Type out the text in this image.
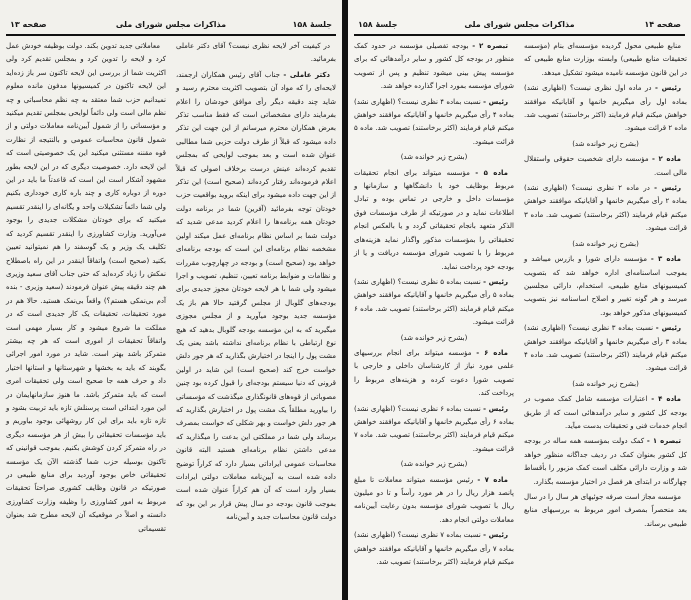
جلسهٔ ۱۵۸
مذاکرات مجلس شورای ملی
صفحه ۱۳

در کیفیت آخر لایحه نظری نیست؟ آقای دکتر عاملی بفرمائید.

دکتر عاملی - جناب آقای رئیس همکاران ارجمند، لایحه‌ای را که مواد آن بتصویب اکثریت محترم رسید و شاید چند دقیقه دیگر رأی موافق خودشان را اعلام بفرمایند دارای مشخصاتی است که فقط مناسب تذکر بعرض همکاران محترم میرسانم از این جهت این تذکر داده میشود که قبلاً از طرف دولت حزبی شما مطالبی عنوان شده است و بعد بموجب لوایحی که بمجلس تقدیم کرده‌اند عینش درست برخلاف اصولی که قبلاً اعلام فرموده‌اند رفتار کرده‌اند (صحیح است) این تذکر از این جهت داده میشود برای اینکه بروید بواقعیت حزب خودتان توجه بفرمائید (آفرین) شما در برنامه دولت خودتان همه برنامه‌ها را اعلام کردید مدعی شدید که دولت شما بر اساس نظام برنامه‌ای عمل میکند اولین مشخصه نظام برنامه‌ای این است که بودجه برنامه‌ای خواهد بود (صحیح است) و بودجه در چهارچوب مقررات و نظامات و ضوابط برنامه تعیین، تنظیم، تصویب و اجرا میشود ولی شما با هر لایحه خودتان مجوز جدیدی برای بودجه‌های گلوبال از مجلس گرفتید حالا هم باز یک مؤسسه جدید بوجود میآورید و از مجلس مجوزی میگیرید که به این مؤسسه بودجه گلوبال بدهید که هیچ نوع ارتباطی با نظام برنامه‌ای نداشته باشد یعنی یک مشت پول را اینجا در اختیارش بگذارید که هر جور دلش خواست خرج کند (صحیح است) این شاید در اولین قرونی که دنیا سیستم بودجه‌ای را قبول کرده بود چنین مصوباتی از قوه‌های قانونگذاری میگذشت که مؤسساتی را بیاورید مطلقاً یک مشت پول در اختیارش بگذارید که هر جور دلش خواست و بهر شکلی که خواست بمصرف برساند ولی شما در مملکتی این بدعت را میگذارید که مدعی داشتن نظام برنامه‌ای هستید البته قانون محاسبات عمومی ایراداتی بسیار دارد که کراراً توضیح داده شده است به آیین‌نامه معاملات دولتی ایرادات بسیار وارد است که آن هم کراراً عنوان شده است بموجب قانون بودجه دو سال پیش قرار بر این بود که دولت قانون محاسبات جدید و آیین‌نامه

معاملاتی جدید تدوین بکند. دولت بوظیفه خودش عمل کرد و لایحه را تدوین کرد و بمجلس تقدیم کرد ولی اکثریت شما از بررسی این لایحه تاکنون سر باز زده‌اید این لایحه تاکنون در کمیسیونها مدفون مانده معلوم نمیدانیم حزب شما معتقد به چه نظم محاسباتی و چه نظم مالی است ولی دائماً لوایحی بمجلس تقدیم میکنید و مؤسساتی را از شمول آیین‌نامه معاملات دولتی و از شمول قانون محاسبات عمومی و بالنتیجه از نظارت قوه مقننه مستثنی میکنید این یک خصوصیتی است که این لایحه دارد. خصوصیت دیگری که در این لایحه بطور مشهود آشکار است این است که قاعدتاً ما باید در این دوره از دوباره کاری و چند باره کاری خودداری بکنیم ولی شما دائماً تشکیلات واحد و یگانه‌ای را اینقدر تقسیم میکنید که برای خودتان مشکلات جدیدی را بوجود می‌آورید. وزارت کشاورزی را اینقدر تقسیم کردید که تکلیف یک وزیر و یک گوسفند را هم نمیتوانید تعیین بکنید (صحیح است) واتفاقاً اینقدر در این راه باصطلاح نمکش را زیاد کرده‌اید که حتی جناب آقای سعید وزیری هم چند دقیقه پیش عنوان فرمودند (سعید وزیری - بنده آدم بی‌نمکی هستم؟) واقعاً بی‌نمک هستید. حالا هم در مورد تحقیقات، تحقیقات یک کار جدیدی است که در مملکت ما شروع میشود و کار بسیار مهمی است واتفاقاً تحقیقات از اموری است که هر چه بیشتر متمرکز باشد بهتر است. شاید در مورد امور اجرائی بگویند که باید به بخشها و شهرستانها و استانها اختیار داد و حرف همه جا صحیح است ولی تحقیقات امری است که باید متمرکز باشد. ما هنوز سازمانهایمان در این مورد ابتدائی است پرسنلش تازه باید تربیت بشود و تازه تازه باید برای این کار روشهائی بوجود بیاوریم و باید مؤسسات تحقیقاتی را بیش از هر مؤسسه دیگری در راه متمرکز کردن کوشش بکنیم. بموجب قوانینی که تاکنون بوسیله حزب شما گذشته الآن یک مؤسسه تحقیقاتی خاص بوجود آوردید برای منابع طبیعی در صورتیکه در قانون وظایف کشوری صراحتاً تحقیقات مربوط به امور کشاورزی را وظیفه وزارت کشاورزی دانسته و اصلاً در موقعیکه آن لایحه مطرح شد بعنوان تقسیماتی

صفحه ۱۴
مذاکرات مجلس شورای ملی
جلسهٔ ۱۵۸

منابع طبیعی محول گردیده مؤسسه‌ای بنام (مؤسسه تحقیقات منابع طبیعی) وابسته بوزارت منابع طبیعی که در این قانون مؤسسه نامیده میشود تشکیل میدهد.

رئیس - در ماده اول نظری نیست؟ (اظهاری نشد) بماده اول رأی میگیریم خانمها و آقایانیکه موافقند خواهش میکنم قیام فرمایند (اکثر برخاستند) تصویب شد. ماده ۲ قرائت میشود.

(بشرح زیر خوانده شد)

ماده ۲ - مؤسسه دارای شخصیت حقوقی واستقلال مالی است.

رئیس - در ماده ۲ نظری نیست؟ (اظهاری نشد) بماده ۲ رأی میگیریم خانمها و آقایانیکه موافقند خواهش میکنم قیام فرمایند (اکثر برخاستند) تصویب شد. ماده ۳ قرائت میشود.

(بشرح زیر خوانده شد)

ماده ۳ - مؤسسه دارای شورا و بازرس میباشد و بموجب اساسنامه‌ای اداره خواهد شد که بتصویب کمیسیونهای منابع طبیعی، استخدام، دارائی مجلسین میرسد و هر گونه تغییر و اصلاح اساسنامه نیز بتصویب کمیسیونهای مذکور خواهد بود.

رئیس - نسبت بماده ۳ نظری نیست؟ (اظهاری نشد) بماده ۳ رأی میگیریم خانمها و آقایانیکه موافقند خواهش میکنم قیام فرمایند (اکثر برخاستند) تصویب شد. ماده ۴ قرائت میشود.

(بشرح زیر خوانده شد)

ماده ۴ - اعتبارات مؤسسه شامل کمک مصوب در بودجه کل کشور و سایر درآمدهائی است که از طریق انجام خدمات فنی و تحقیقات بدست میآید.

تبصره ۱ - کمک دولت بمؤسسه همه ساله در بودجه کل کشور بعنوان کمک در ردیف جداگانه منظور خواهد شد و وزارت دارائی مکلف است کمک مزبور را بأقساط چهارگانه در ابتدای هر فصل در اختیار مؤسسه بگذارد.

مؤسسه مجاز است صرفه جوئیهای هر سال را در سال بعد منحصراً بمصرف امور مربوط به بررسیهای منابع طبیعی برساند.

تبصره ۲ - بودجه تفصیلی مؤسسه در حدود کمک منظور در بودجه کل کشور و سایر درآمدهائی که برای مؤسسه پیش بینی میشود تنظیم و پس از تصویب شورای مؤسسه بمورد اجرا گذارده خواهد شد.

رئیس - نسبت بماده ۴ نظری نیست؟ (اظهاری نشد) بماده ۴ رأی میگیریم خانمها و آقایانیکه موافقند خواهش میکنم قیام فرمایند (اکثر برخاستند) تصویب شد. ماده ۵ قرائت میشود.

(بشرح زیر خوانده شد)

ماده ۵ - مؤسسه میتواند برای انجام تحقیقات مربوط بوظایف خود با دانشگاهها و سازمانها و مؤسسات داخل و خارجی در تماس بوده و تبادل اطلاعات نماید و در صورتیکه از طرف مؤسسات فوق الذکر متعهد بانجام تحقیقاتی گردد و یا بالعکس انجام تحقیقاتی را بمؤسسات مذکور واگذار نماید هزینه‌های مربوط را با تصویب شورای مؤسسه دریافت و یا از بودجه خود پرداخت نماید.

رئیس - نسبت بماده ۵ نظری نیست؟ (اظهاری نشد) بماده ۵ رأی میگیریم خانمها و آقایانیکه موافقند خواهش میکنم قیام فرمایند (اکثر برخاستند) تصویب شد. ماده ۶ قرائت میشود.

(بشرح زیر خوانده شد)

ماده ۶ - مؤسسه میتواند برای انجام بررسیهای علمی مورد نیاز از کارشناسان داخلی و خارجی با تصویب شورا دعوت کرده و هزینه‌های مربوط را پرداخت کند.

رئیس - نسبت بماده ۶ نظری نیست؟ (اظهاری نشد) بماده ۶ رأی میگیریم خانمها و آقایانیکه موافقند خواهش میکنم قیام فرمایند (اکثر برخاستند) تصویب شد. ماده ۷ قرائت میشود.

(بشرح زیر خوانده شد)

ماده ۷ - رئیس مؤسسه میتواند معاملات تا مبلغ پانصد هزار ریال را در هر مورد رأساً و تا دو میلیون ریال با تصویب شورای مؤسسه بدون رعایت آیین‌نامه معاملات دولتی انجام دهد.

رئیس - نسبت بماده ۷ نظری نیست؟ (اظهاری نشد) بماده ۷ رأی میگیریم خانمها و آقایانیکه موافقند خواهش میکنم قیام فرمایند (اکثر برخاستند) تصویب شد.
